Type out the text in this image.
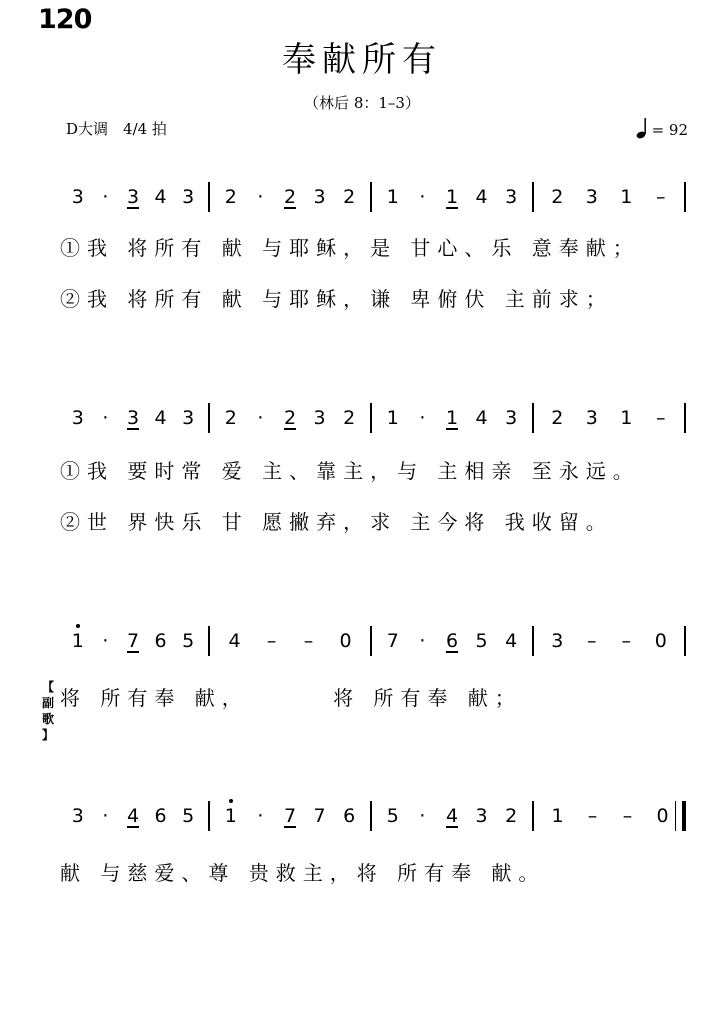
120
奉献所有
（林后 8：1–3）
D大调　4/4 拍	= 92
3 · 3 4 3	2	·	2 3 2	1	·	1 4 3	2	3	1	–
①我 将所有 献 与耶稣，是 甘心、乐 意奉献；
②我 将所有 献 与耶稣，谦 卑俯伏 主前求；
3 · 3 4 3	2	·	2 3 2	1	·	1 4 3	2	3	1	–
①我 要时常 爱 主、靠主，与 主相亲 至永远。
②世 界快乐 甘 愿撇弃，求 主今将 我收留。
1 · 7 6 5	4	–	–	0	7	·	6 5 4	3	–	–	0
将 所有奉 献，　　　 将 所有奉 献；
【
副
歌
】
3 · 4 6 5	1	·	7 7 6	5	·	4 3 2	1	–	–	0
献 与慈爱、尊 贵救主，将 所有奉 献。
